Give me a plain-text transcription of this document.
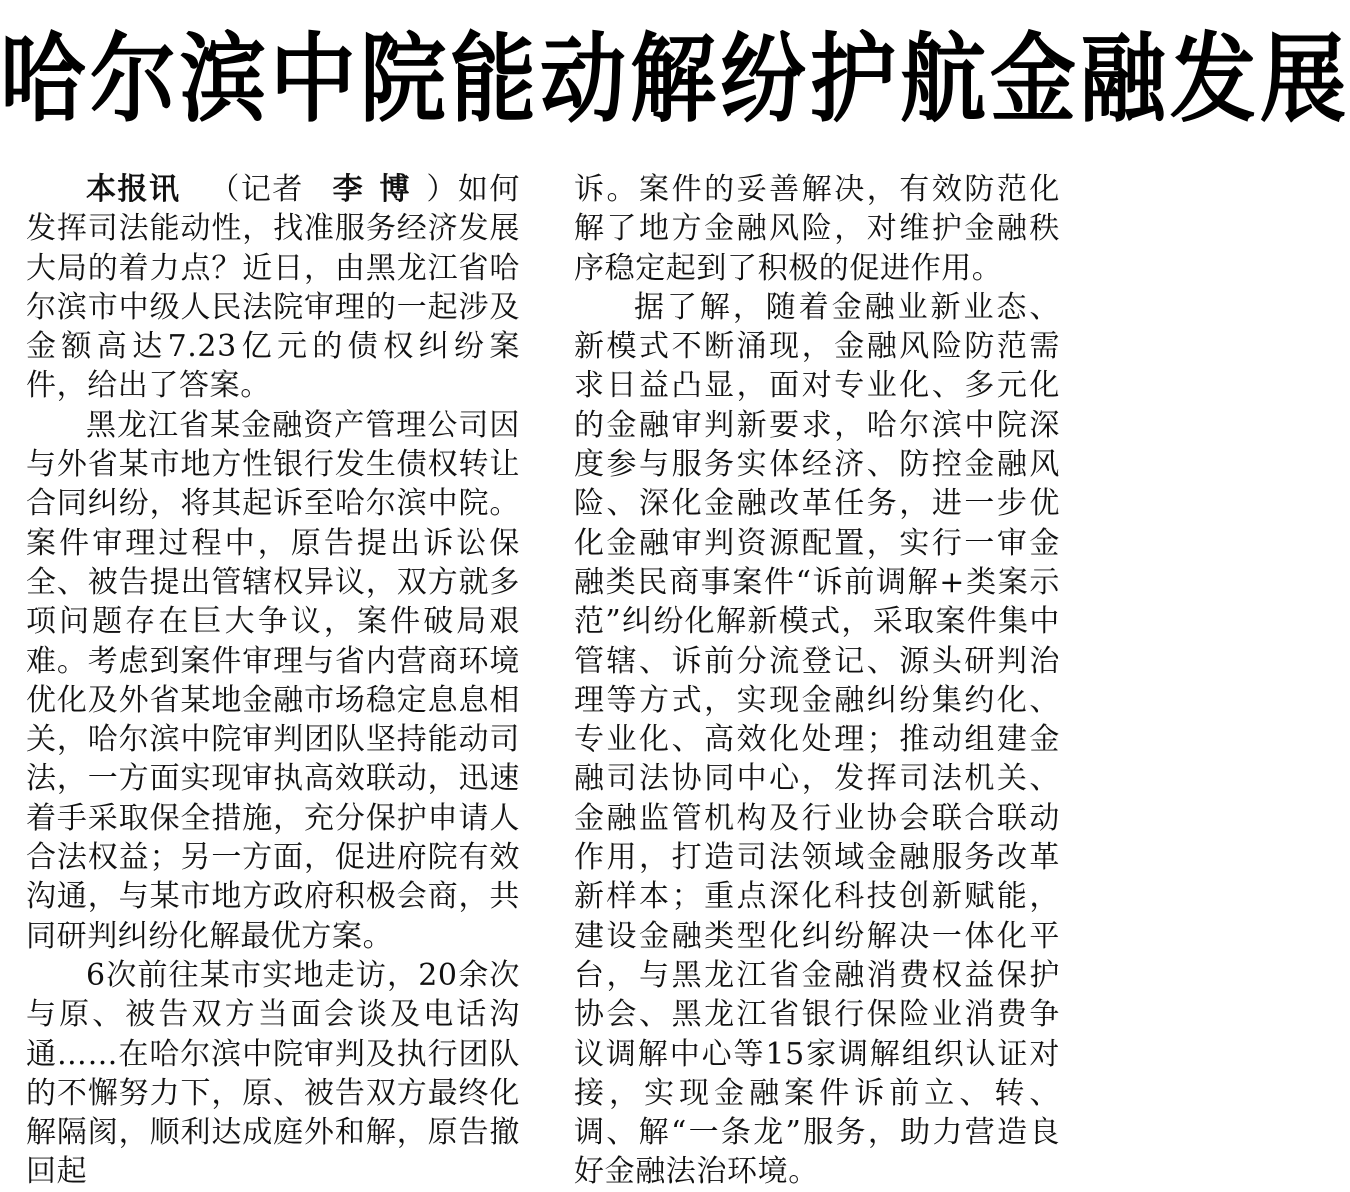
哈尔滨中院能动解纷护航金融发展

本报讯 （记者 李博）如何发挥司法能动性，找准服务经济发展大局的着力点？近日，由黑龙江省哈尔滨市中级人民法院审理的一起涉及金额高达7.23亿元的债权纠纷案件，给出了答案。

黑龙江省某金融资产管理公司因与外省某市地方性银行发生债权转让合同纠纷，将其起诉至哈尔滨中院。案件审理过程中，原告提出诉讼保全、被告提出管辖权异议，双方就多项问题存在巨大争议，案件破局艰难。考虑到案件审理与省内营商环境优化及外省某地金融市场稳定息息相关，哈尔滨中院审判团队坚持能动司法，一方面实现审执高效联动，迅速着手采取保全措施，充分保护申请人合法权益；另一方面，促进府院有效沟通，与某市地方政府积极会商，共同研判纠纷化解最优方案。

6次前往某市实地走访，20余次与原、被告双方当面会谈及电话沟通……在哈尔滨中院审判及执行团队的不懈努力下，原、被告双方最终化解隔阂，顺利达成庭外和解，原告撤回起

诉。案件的妥善解决，有效防范化解了地方金融风险，对维护金融秩序稳定起到了积极的促进作用。

据了解，随着金融业新业态、新模式不断涌现，金融风险防范需求日益凸显，面对专业化、多元化的金融审判新要求，哈尔滨中院深度参与服务实体经济、防控金融风险、深化金融改革任务，进一步优化金融审判资源配置，实行一审金融类民商事案件“诉前调解+类案示范”纠纷化解新模式，采取案件集中管辖、诉前分流登记、源头研判治理等方式，实现金融纠纷集约化、专业化、高效化处理；推动组建金融司法协同中心，发挥司法机关、金融监管机构及行业协会联合联动作用，打造司法领域金融服务改革新样本；重点深化科技创新赋能，建设金融类型化纠纷解决一体化平台，与黑龙江省金融消费权益保护协会、黑龙江省银行保险业消费争议调解中心等15家调解组织认证对接，实现金融案件诉前立、转、调、解“一条龙”服务，助力营造良好金融法治环境。
